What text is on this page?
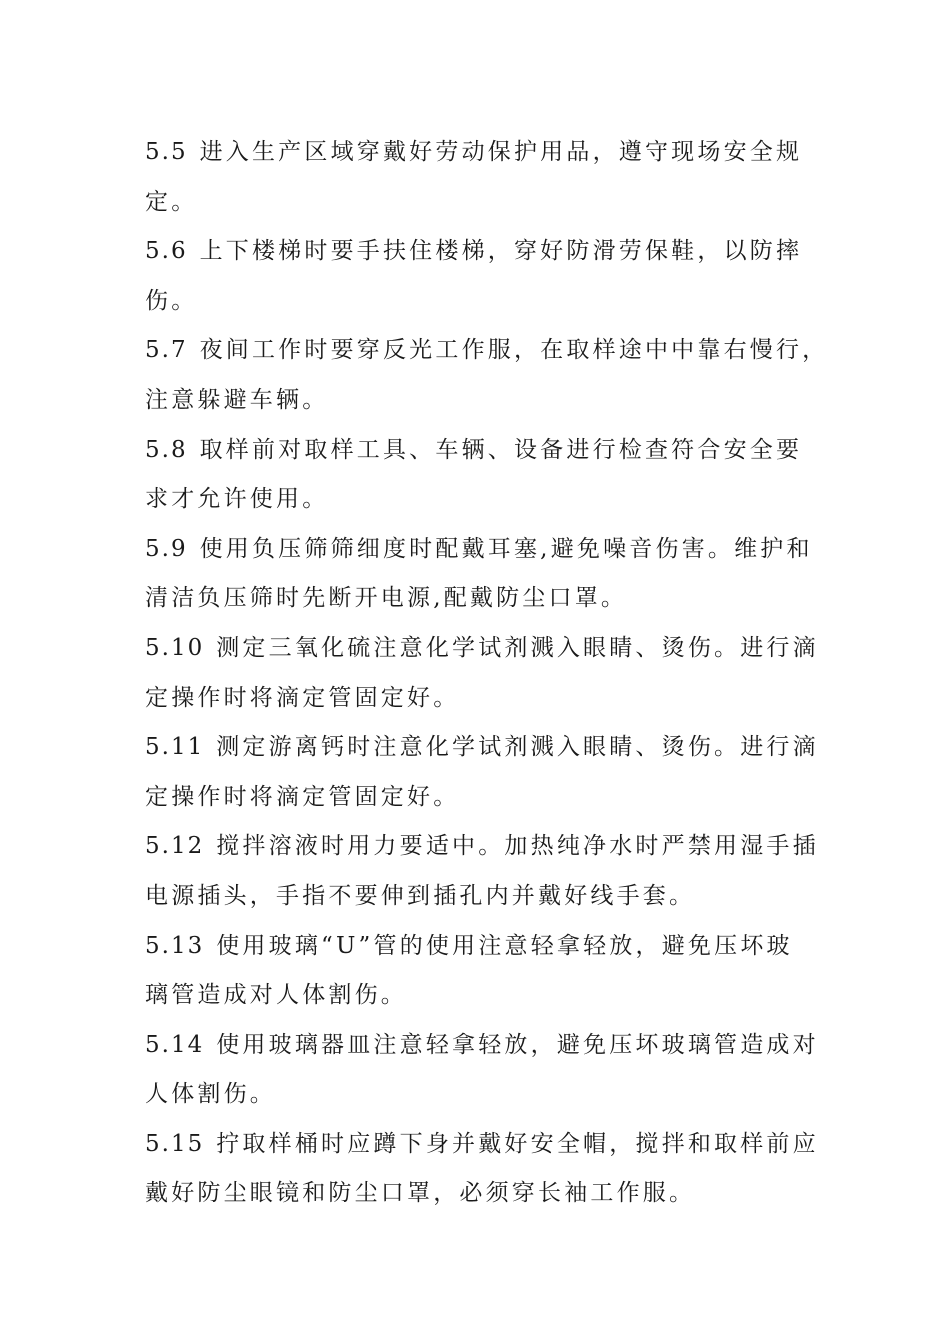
5.5 进入生产区域穿戴好劳动保护用品，遵守现场安全规
定。
5.6 上下楼梯时要手扶住楼梯，穿好防滑劳保鞋，以防摔
伤。
5.7 夜间工作时要穿反光工作服，在取样途中中靠右慢行，
注意躲避车辆。
5.8 取样前对取样工具、车辆、设备进行检查符合安全要
求才允许使用。
5.9 使用负压筛筛细度时配戴耳塞,避免噪音伤害。维护和
清洁负压筛时先断开电源,配戴防尘口罩。
5.10 测定三氧化硫注意化学试剂溅入眼睛、烫伤。进行滴
定操作时将滴定管固定好。
5.11 测定游离钙时注意化学试剂溅入眼睛、烫伤。进行滴
定操作时将滴定管固定好。
5.12 搅拌溶液时用力要适中。加热纯净水时严禁用湿手插
电源插头，手指不要伸到插孔内并戴好线手套。
5.13 使用玻璃“U”管的使用注意轻拿轻放，避免压坏玻
璃管造成对人体割伤。
5.14 使用玻璃器皿注意轻拿轻放，避免压坏玻璃管造成对
人体割伤。
5.15 拧取样桶时应蹲下身并戴好安全帽，搅拌和取样前应
戴好防尘眼镜和防尘口罩，必须穿长袖工作服。
